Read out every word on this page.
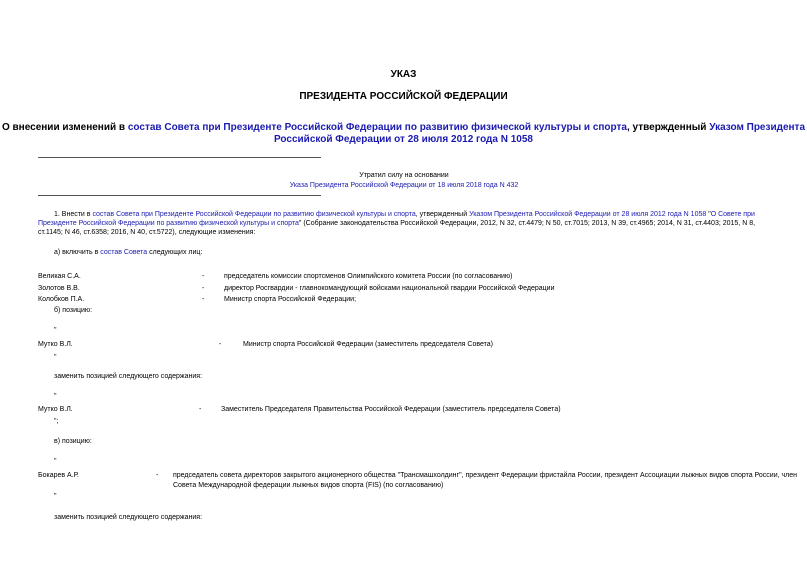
УКАЗ
ПРЕЗИДЕНТА РОССИЙСКОЙ ФЕДЕРАЦИИ
О внесении изменений в состав Совета при Президенте Российской Федерации по развитию физической культуры и спорта, утвержденный Указом Президента
Российской Федерации от 28 июля 2012 года N 1058
Утратил силу на основании
Указа Президента Российской Федерации от 18 июля 2018 года N 432
1. Внести в состав Совета при Президенте Российской Федерации по развитию физической культуры и спорта, утвержденный Указом Президента Российской Федерации от 28 июля 2012 года N 1058 "О Совете при Президенте Российской Федерации по развитию физической культуры и спорта" (Собрание законодательства Российской Федерации, 2012, N 32, ст.4479; N 50, ст.7015; 2013, N 39, ст.4965; 2014, N 31, ст.4403; 2015, N 8, ст.1145; N 46, ст.6358; 2016, N 40, ст.5722), следующие изменения:
а) включить в состав Совета следующих лиц:
Великая С.А.	-	председатель комиссии спортсменов Олимпийского комитета России (по согласованию)
Золотов В.В.	-	директор Росгвардии - главнокомандующий войсками национальной гвардии Российской Федерации
Колобков П.А.	-	Министр спорта Российской Федерации;
б) позицию:
"
Мутко В.Л.	-	Министр спорта Российской Федерации (заместитель председателя Совета)
"
заменить позицией следующего содержания:
"
Мутко В.Л.	-	Заместитель Председателя Правительства Российской Федерации (заместитель председателя Совета)
";
в) позицию:
"
Бокарев А.Р.	- председатель совета директоров закрытого акционерного общества "Трансмашхолдинг", президент Федерации фристайла России, президент Ассоциации лыжных видов спорта России, член
Совета Международной федерации лыжных видов спорта (FIS) (по согласованию)
"
заменить позицией следующего содержания:
